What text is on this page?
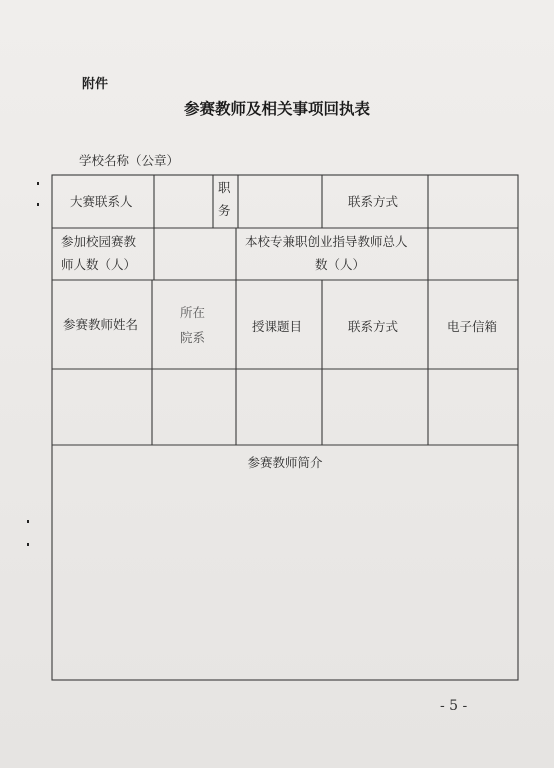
附件
参赛教师及相关事项回执表
学校名称（公章）
大赛联系人
职
务
联系方式
参加校园赛教
师人数（人）
本校专兼职创业指导教师总人
数（人）
参赛教师姓名
所在
院系
授课题目	联系方式	电子信箱
参赛教师简介
- 5 -
